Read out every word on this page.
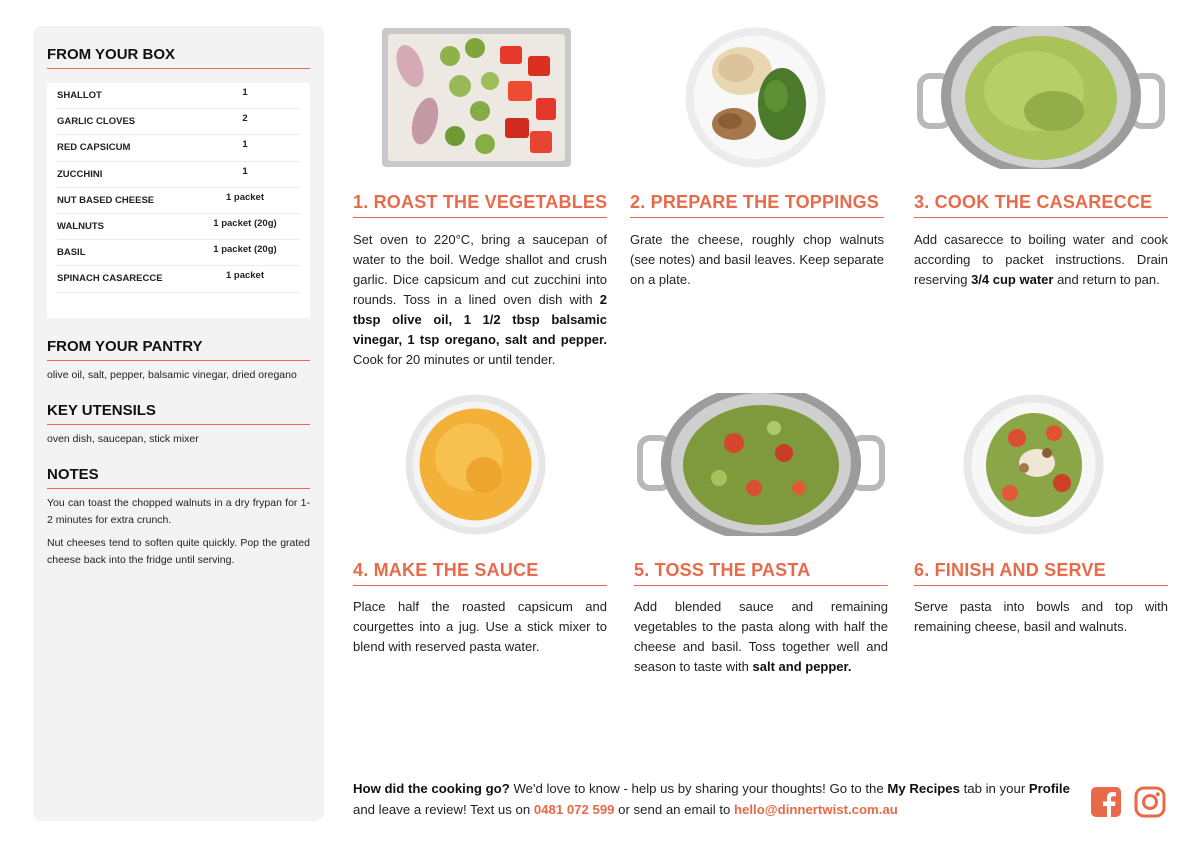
FROM YOUR BOX
SHALLOT	1
GARLIC CLOVES	2
RED CAPSICUM	1
ZUCCHINI	1
NUT BASED CHEESE	1 packet
WALNUTS	1 packet (20g)
BASIL	1 packet (20g)
SPINACH CASARECCE	1 packet
FROM YOUR PANTRY
olive oil, salt, pepper, balsamic vinegar, dried oregano
KEY UTENSILS
oven dish, saucepan, stick mixer
NOTES

You can toast the chopped walnuts in a dry frypan for 1-2 minutes for extra crunch.

Nut cheeses tend to soften quite quickly. Pop the grated cheese back into the fridge until serving.

1. ROAST THE VEGETABLES
Set oven to 220°C, bring a saucepan of water to the boil. Wedge shallot and crush garlic. Dice capsicum and cut zucchini into rounds. Toss in a lined oven dish with 2 tbsp olive oil, 1 1/2 tbsp balsamic vinegar, 1 tsp oregano, salt and pepper. Cook for 20 minutes or until tender.
2. PREPARE THE TOPPINGS
Grate the cheese, roughly chop walnuts (see notes) and basil leaves. Keep separate on a plate.
3. COOK THE CASARECCE
Add casarecce to boiling water and cook according to packet instructions. Drain reserving 3/4 cup water and return to pan.
4. MAKE THE SAUCE
Place half the roasted capsicum and courgettes into a jug. Use a stick mixer to blend with reserved pasta water.
5. TOSS THE PASTA
Add blended sauce and remaining vegetables to the pasta along with half the cheese and basil. Toss together well and season to taste with salt and pepper.
6. FINISH AND SERVE
Serve pasta into bowls and top with remaining cheese, basil and walnuts.
How did the cooking go? We'd love to know - help us by sharing your thoughts! Go to the My Recipes tab in your Profile and leave a review! Text us on 0481 072 599 or send an email to hello@dinnertwist.com.au
